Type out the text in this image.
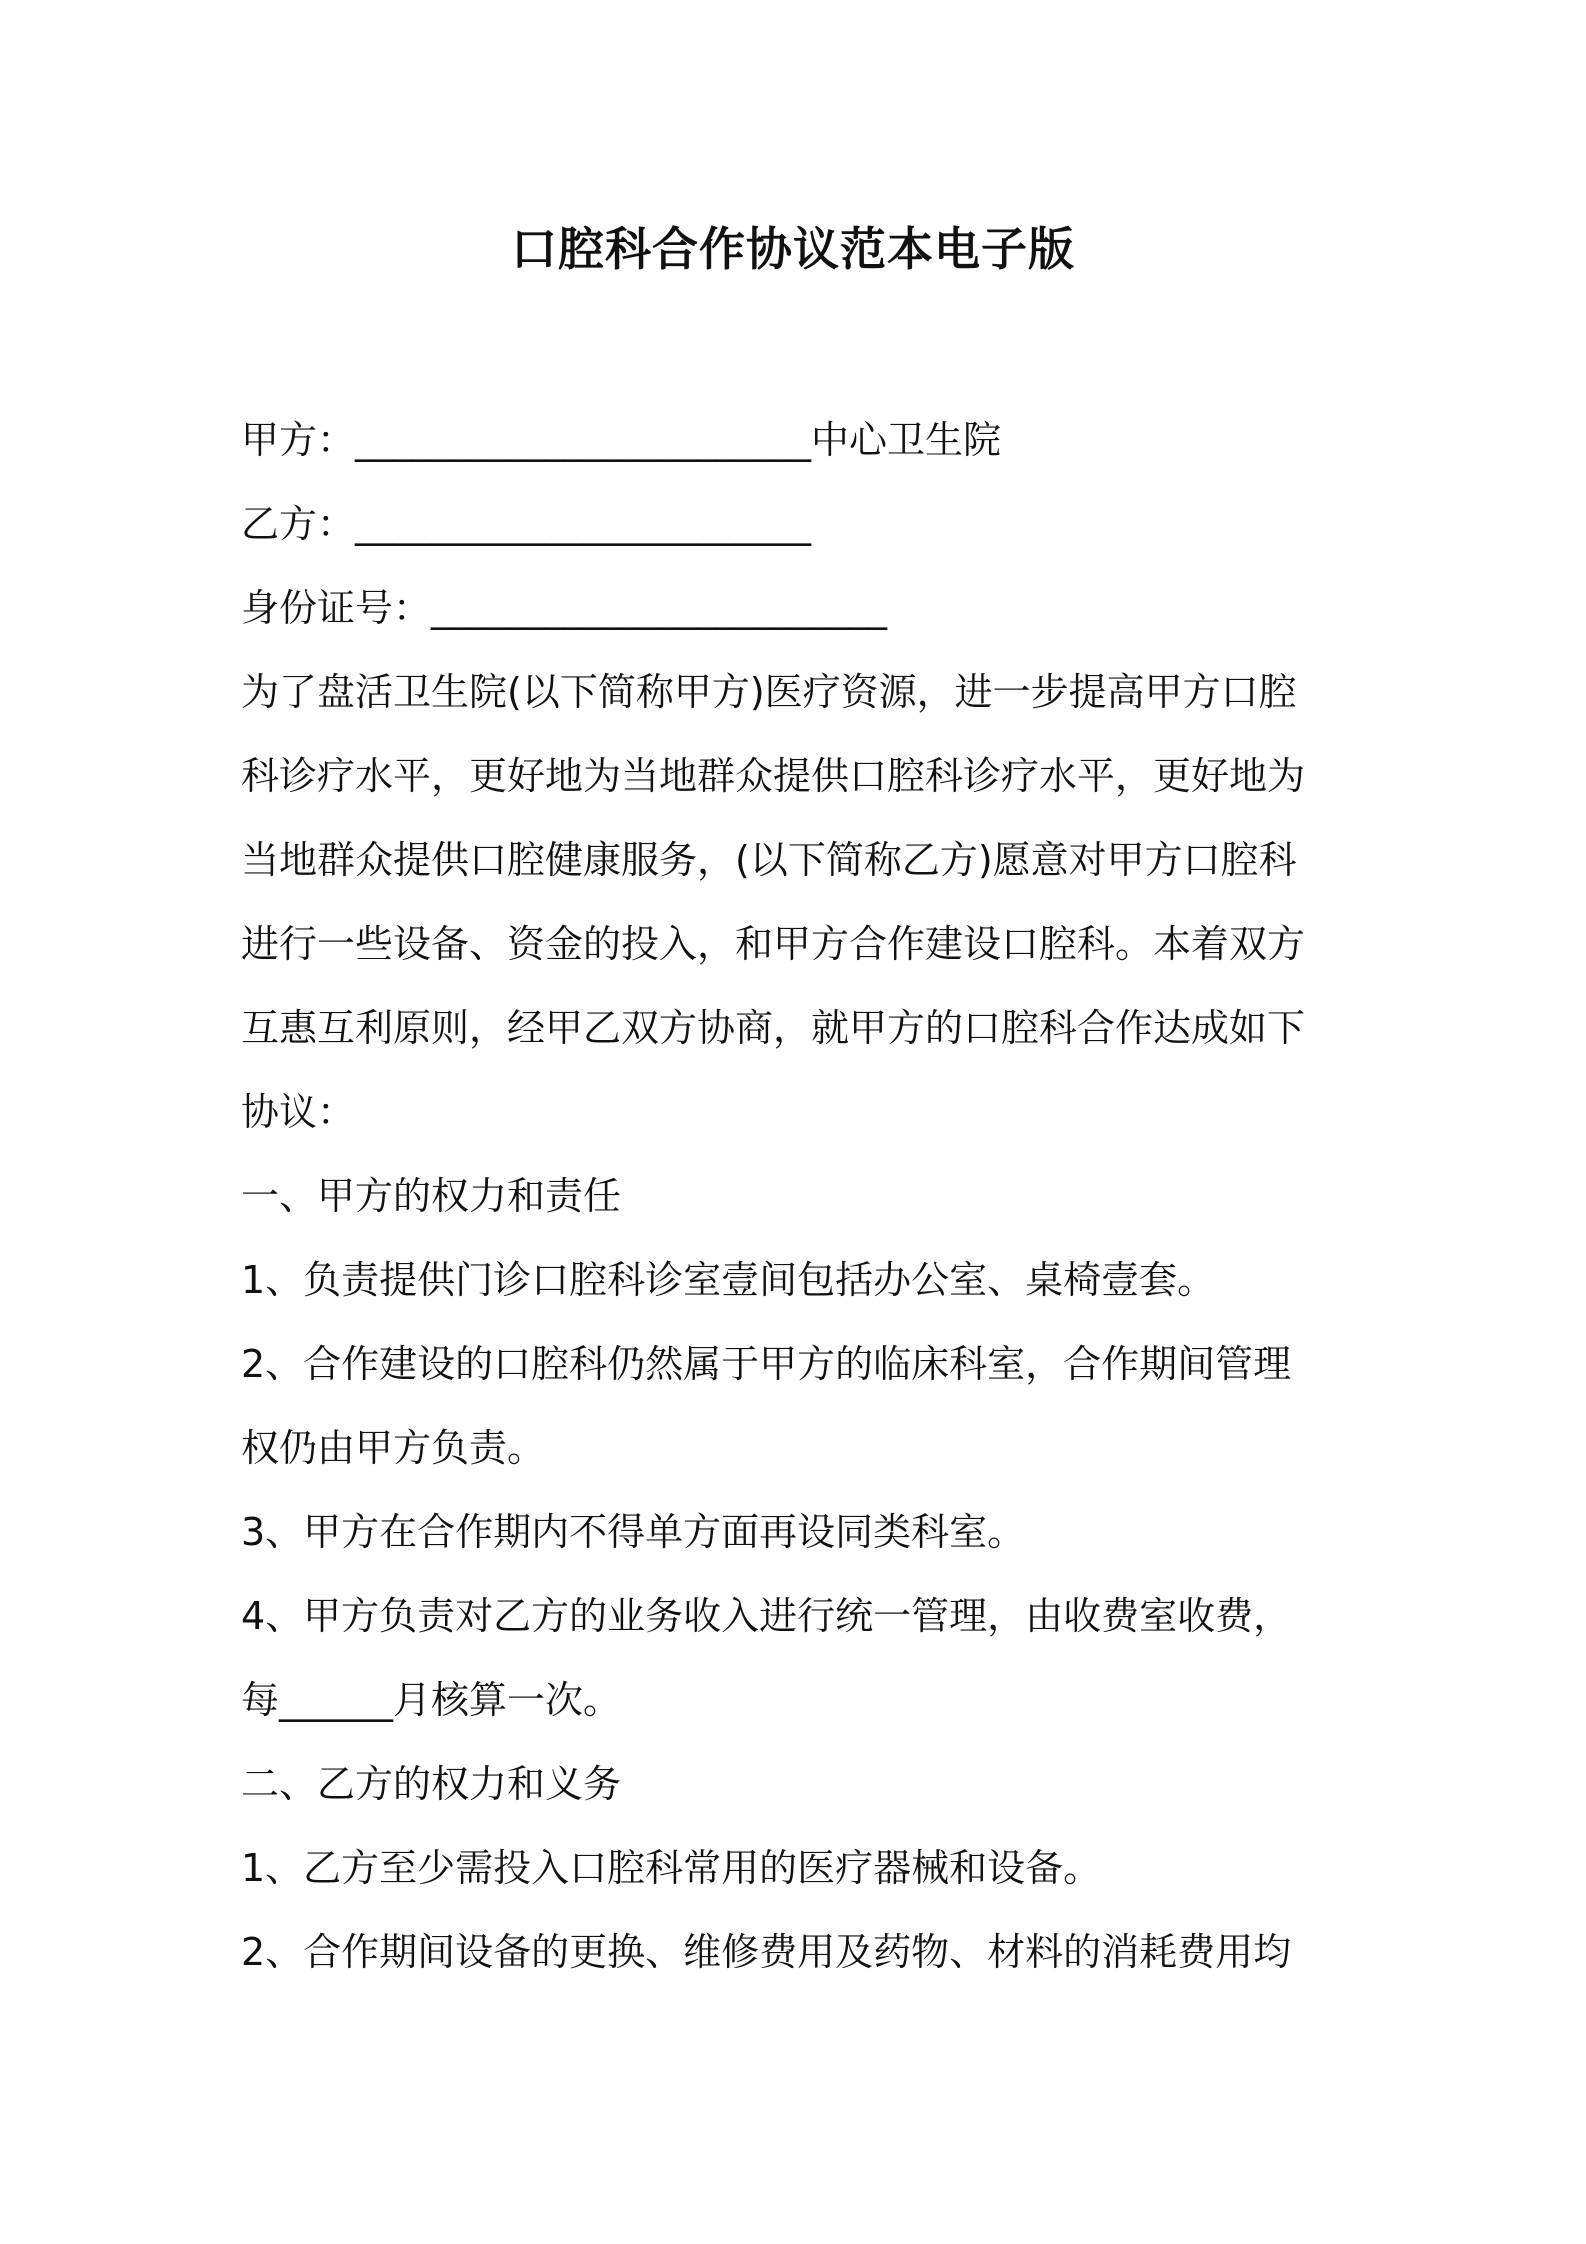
口腔科合作协议范本电子版

甲方：________________________中心卫生院

乙方：________________________

身份证号：________________________

为了盘活卫生院(以下简称甲方)医疗资源，进一步提高甲方口腔

科诊疗水平，更好地为当地群众提供口腔科诊疗水平，更好地为

当地群众提供口腔健康服务，(以下简称乙方)愿意对甲方口腔科

进行一些设备、资金的投入，和甲方合作建设口腔科。本着双方

互惠互利原则，经甲乙双方协商，就甲方的口腔科合作达成如下

协议：

一、甲方的权力和责任

1、负责提供门诊口腔科诊室壹间包括办公室、桌椅壹套。

2、合作建设的口腔科仍然属于甲方的临床科室，合作期间管理

权仍由甲方负责。

3、甲方在合作期内不得单方面再设同类科室。

4、甲方负责对乙方的业务收入进行统一管理，由收费室收费，

每______月核算一次。

二、乙方的权力和义务

1、乙方至少需投入口腔科常用的医疗器械和设备。

2、合作期间设备的更换、维修费用及药物、材料的消耗费用均
